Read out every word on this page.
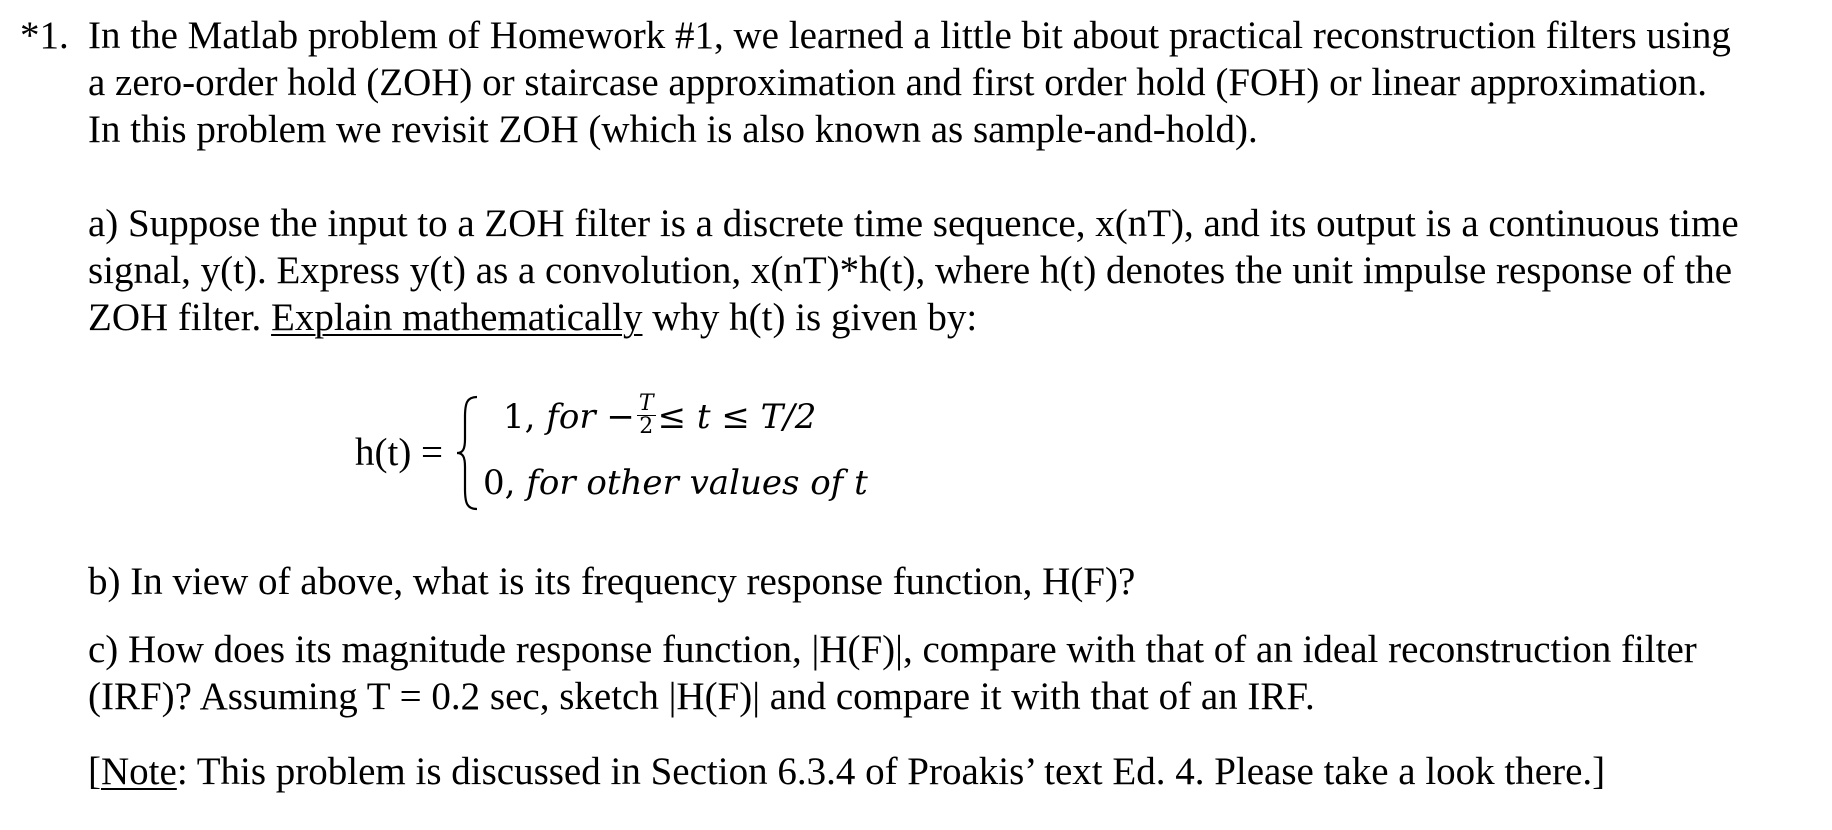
*1. In the Matlab problem of Homework #1, we learned a little bit about practical reconstruction filters using
a zero-order hold (ZOH) or staircase approximation and first order hold (FOH) or linear approximation.
In this problem we revisit ZOH (which is also known as sample-and-hold).
a) Suppose the input to a ZOH filter is a discrete time sequence, x(nT), and its output is a continuous time
signal, y(t). Express y(t) as a convolution, x(nT)*h(t), where h(t) denotes the unit impulse response of the
ZOH filter. Explain mathematically why h(t) is given by:
h(t) =
1, for − $\frac{T}{2} \le t \le T/2$
0, for other values of t
b) In view of above, what is its frequency response function, H(F)?
c) How does its magnitude response function, |H(F)|, compare with that of an ideal reconstruction filter
(IRF)? Assuming T = 0.2 sec, sketch |H(F)| and compare it with that of an IRF.
[Note: This problem is discussed in Section 6.3.4 of Proakis’ text Ed. 4. Please take a look there.]
